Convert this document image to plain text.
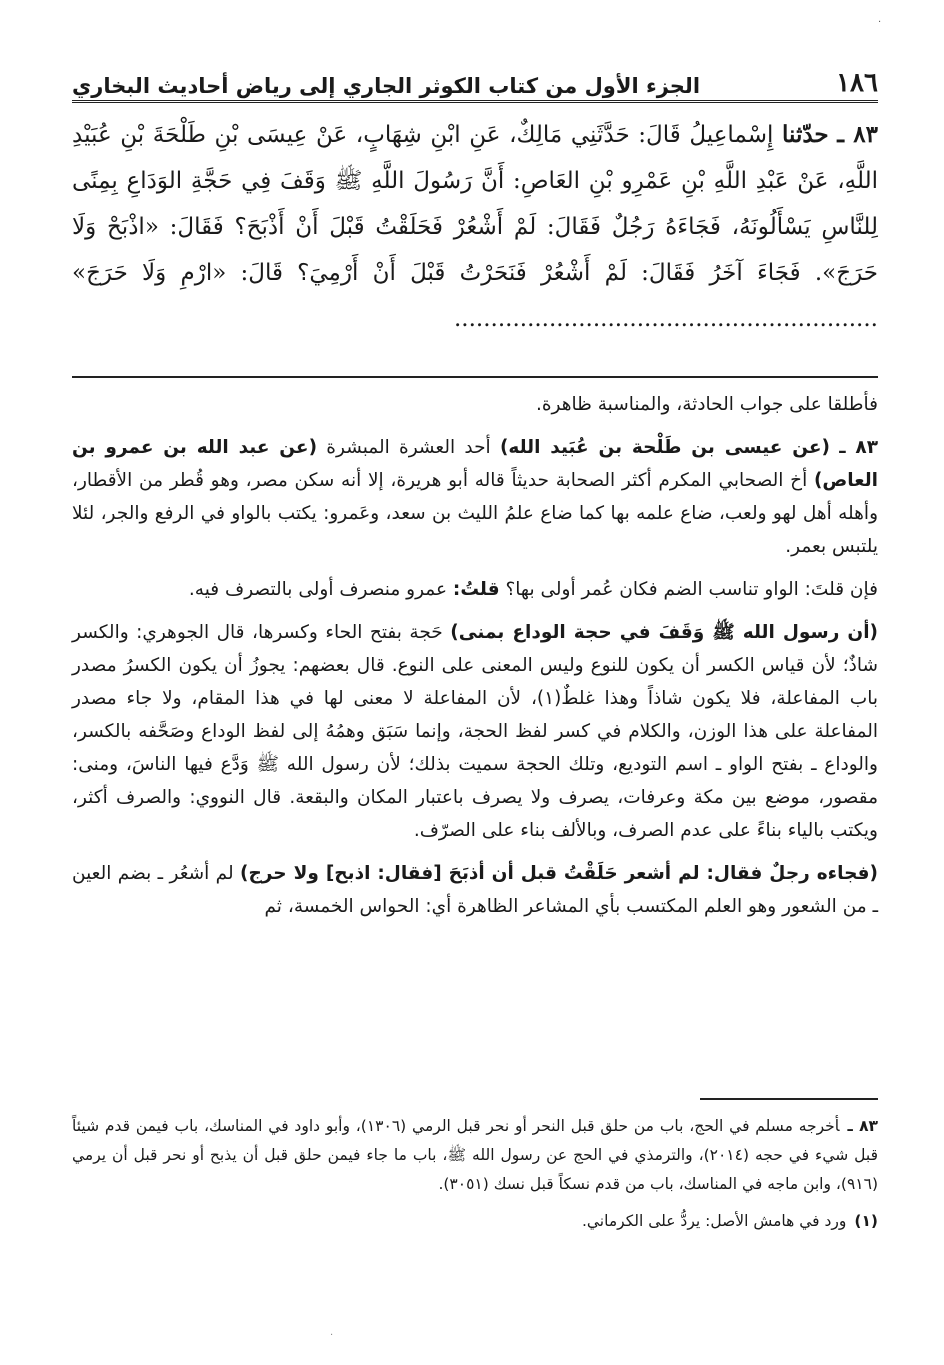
.
١٨٦
الجزء الأول من كتاب الكوثر الجاري إلى رياض أحاديث البخاري

٨٣ ـ حدّثنا إِسْماعِيلُ قَالَ: حَدَّثَنِي مَالِكٌ، عَنِ ابْنِ شِهَابٍ، عَنْ عِيسَى بْنِ طَلْحَةَ بْنِ عُبَيْدِ اللَّهِ، عَنْ عَبْدِ اللَّهِ بْنِ عَمْرِو بْنِ العَاصِ: أَنَّ رَسُولَ اللَّهِ ﷺ وَقَفَ فِي حَجَّةِ الوَدَاعِ بِمِنًى لِلنَّاسِ يَسْأَلُونَهُ، فَجَاءَهُ رَجُلٌ فَقَالَ: لَمْ أَشْعُرْ فَحَلَقْتُ قَبْلَ أَنْ أَذْبَحَ؟ فَقَالَ: «اذْبَحْ وَلَا حَرَجَ». فَجَاءَ آخَرُ فَقَالَ: لَمْ أَشْعُرْ فَنَحَرْتُ قَبْلَ أَنْ أَرْمِيَ؟ قَالَ: «ارْمِ وَلَا حَرَجَ» ..........................................................

فأطلقا على جواب الحادثة، والمناسبة ظاهرة.

٨٣ ـ (عن عيسى بن طَلْحة بن عُبَيد الله) أحد العشرة المبشرة (عن عبد الله بن عمرو بن العاص) أخ الصحابي المكرم أكثر الصحابة حديثاً قاله أبو هريرة، إلا أنه سكن مصر، وهو قُطر من الأقطار، وأهله أهل لهو ولعب، ضاع علمه بها كما ضاع علمُ الليث بن سعد، وعَمرو: يكتب بالواو في الرفع والجر، لئلا يلتبس بعمر.

فإن قلتَ: الواو تناسب الضم فكان عُمر أولى بها؟ قلتُ: عمرو منصرف أولى بالتصرف فيه.

(أن رسول الله ﷺ وَقَفَ في حجة الوداع بمنى) حَجة بفتح الحاء وكسرها، قال الجوهري: والكسر شاذٌ؛ لأن قياس الكسر أن يكون للنوع وليس المعنى على النوع. قال بعضهم: يجوزُ أن يكون الكسرُ مصدر باب المفاعلة، فلا يكون شاذاً وهذا غلطٌ(١)، لأن المفاعلة لا معنى لها في هذا المقام، ولا جاء مصدر المفاعلة على هذا الوزن، والكلام في كسر لفظ الحجة، وإنما سَبَق وهمُهُ إلى لفظ الوداع وصَحَّفه بالكسر، والوداع ـ بفتح الواو ـ اسم التوديع، وتلك الحجة سميت بذلك؛ لأن رسول الله ﷺ وَدَّع فيها الناسَ، ومنى: مقصور، موضع بين مكة وعرفات، يصرف ولا يصرف باعتبار المكان والبقعة. قال النووي: والصرف أكثر، ويكتب بالياء بناءً على عدم الصرف، وبالألف بناء على الصرّف.

(فجاءه رجلٌ فقال: لم أشعر حَلَقْتُ قبل أن أذبَحَ [فقال: اذبح] ولا حرج) لم أشعُر ـ بضم العين ـ من الشعور وهو العلم المكتسب بأي المشاعر الظاهرة أي: الحواس الخمسة، ثم

٨٣ ـأخرجه مسلم في الحج، باب من حلق قبل النحر أو نحر قبل الرمي (١٣٠٦)، وأبو داود في المناسك، باب فيمن قدم شيئاً قبل شيء في حجه (٢٠١٤)، والترمذي في الحج عن رسول الله ﷺ، باب ما جاء فيمن حلق قبل أن يذبح أو نحر قبل أن يرمي (٩١٦)، وابن ماجه في المناسك، باب من قدم نسكاً قبل نسك (٣٠٥١).

(١)ورد في هامش الأصل: يردُّ على الكرماني.

·
